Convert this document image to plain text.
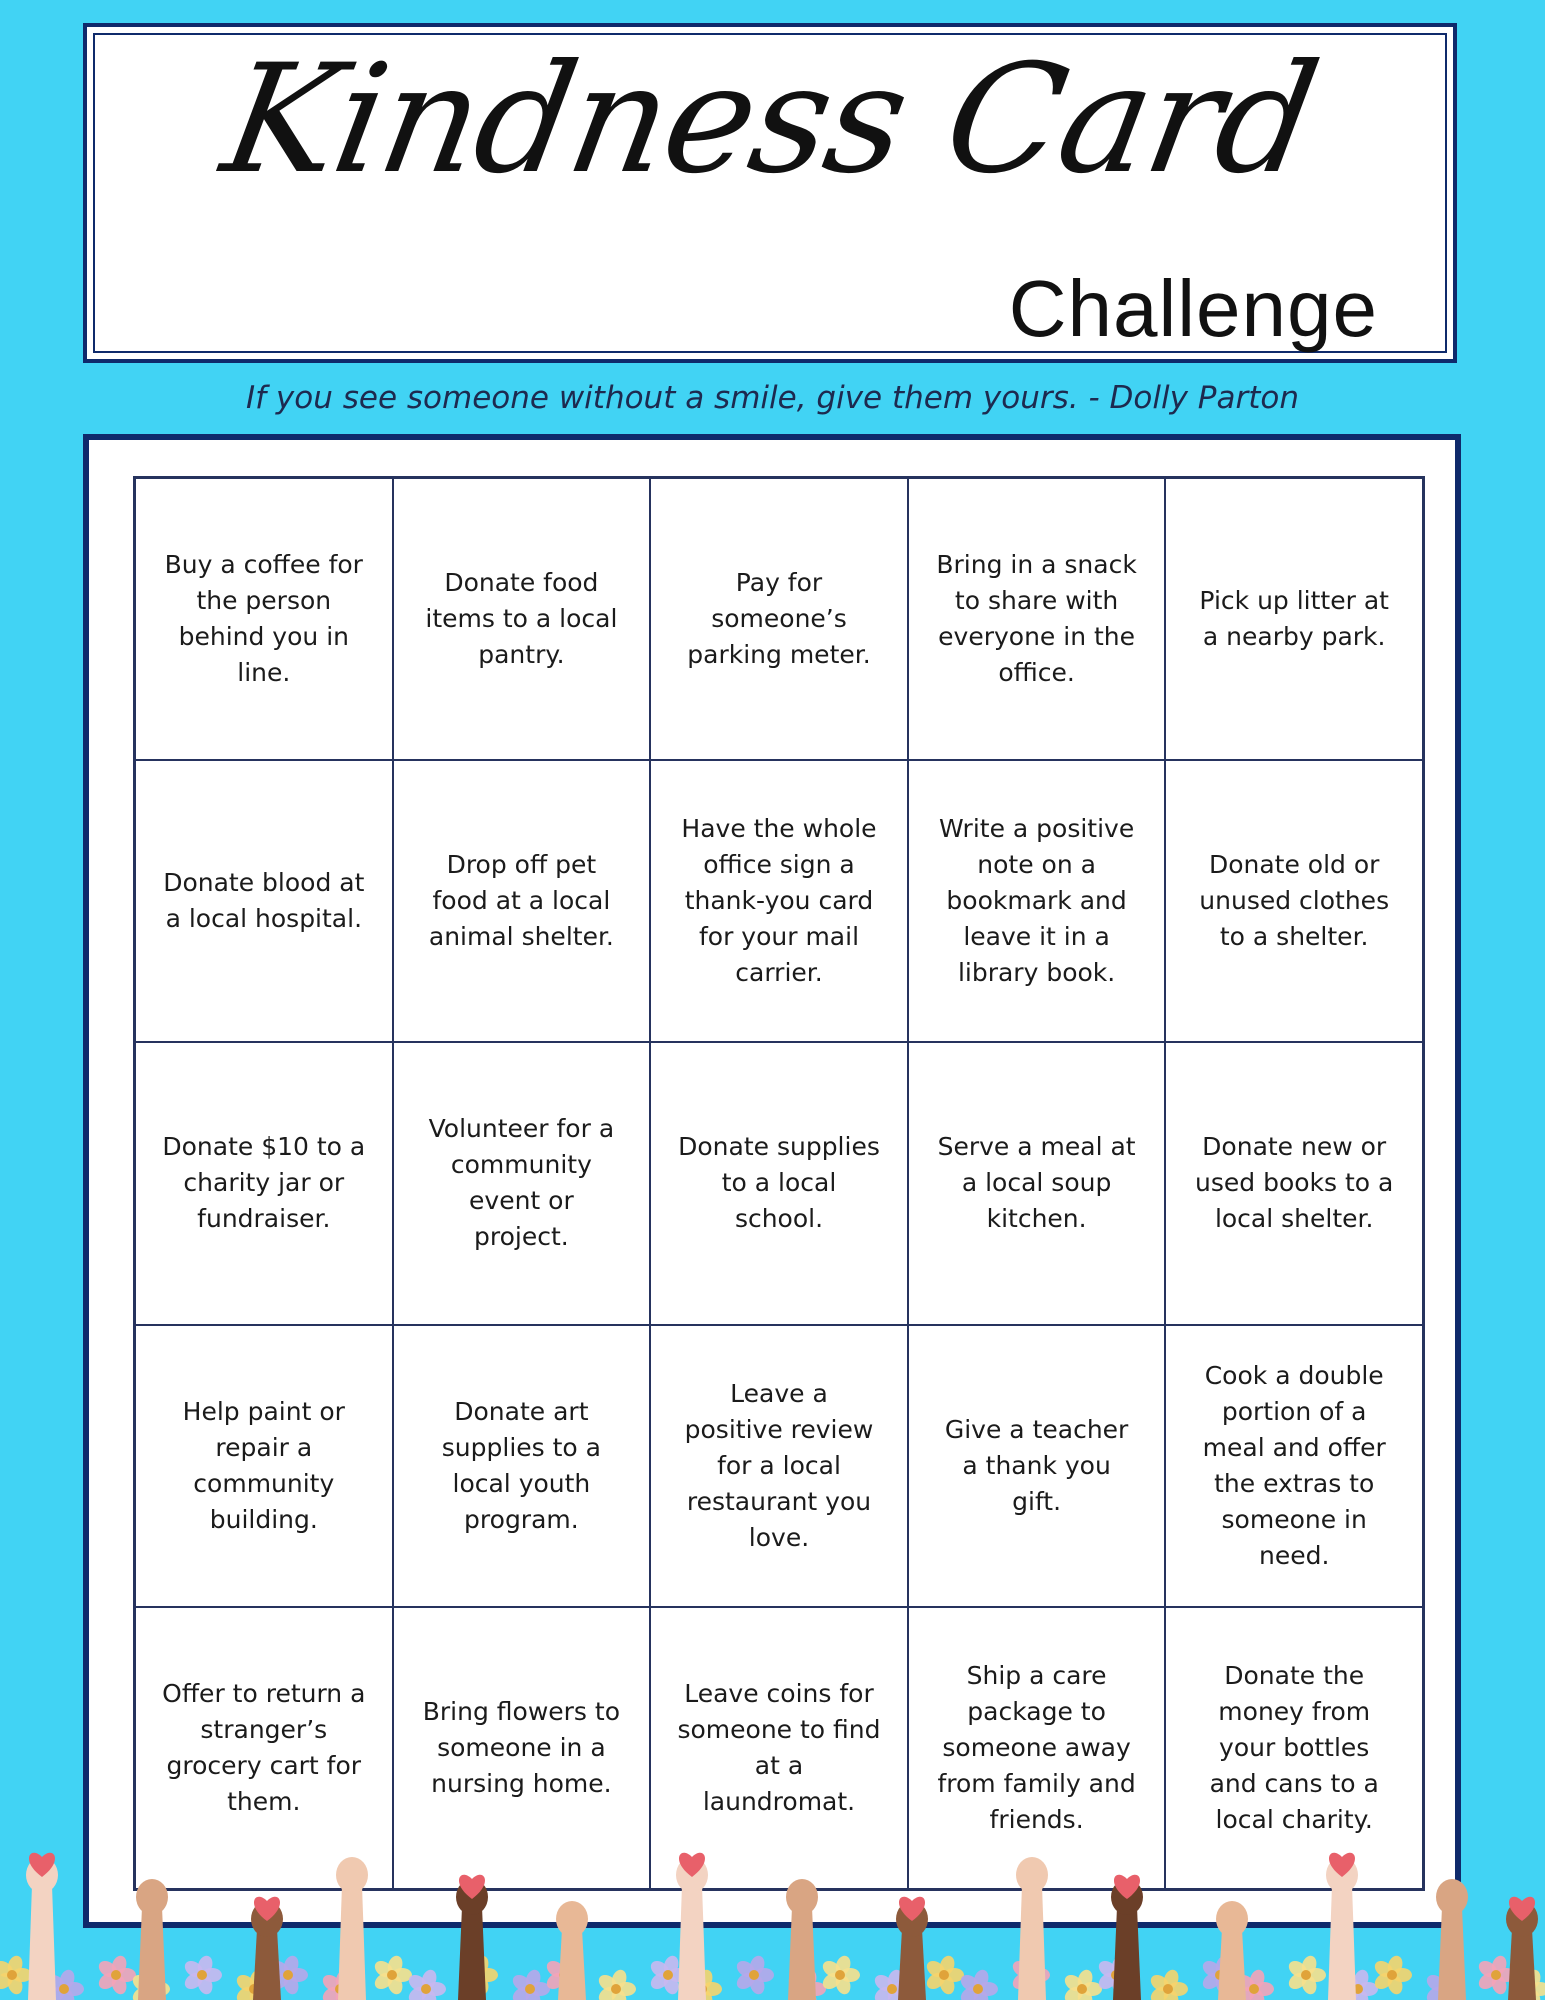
Kindness Card
Challenge
If you see someone without a smile, give them yours. - Dolly Parton
Buy a coffee for the person behind you in line.
Donate food items to a local pantry.
Pay for someone’s parking meter.
Bring in a snack to share with everyone in the office.
Pick up litter at a nearby park.
Donate blood at a local hospital.
Drop off pet food at a local animal shelter.
Have the whole office sign a thank-you card for your mail carrier.
Write a positive note on a bookmark and leave it in a library book.
Donate old or unused clothes to a shelter.
Donate $10 to a charity jar or fundraiser.
Volunteer for a community event or project.
Donate supplies to a local school.
Serve a meal at a local soup kitchen.
Donate new or used books to a local shelter.
Help paint or repair a community building.
Donate art supplies to a local youth program.
Leave a positive review for a local restaurant you love.
Give a teacher a thank you gift.
Cook a double portion of a meal and offer the extras to someone in need.
Offer to return a stranger’s grocery cart for them.
Bring flowers to someone in a nursing home.
Leave coins for someone to find at a laundromat.
Ship a care package to someone away from family and friends.
Donate the money from your bottles and cans to a local charity.
